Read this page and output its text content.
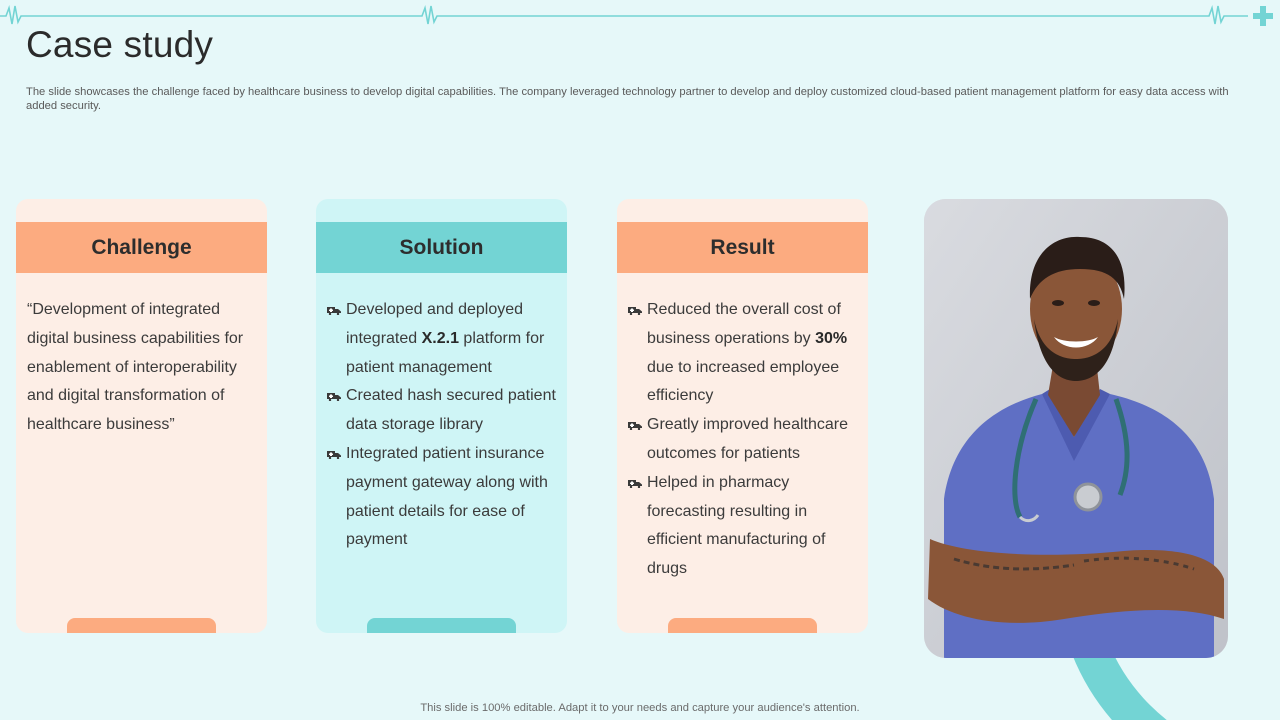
Case study

The slide showcases the challenge faced by healthcare business to develop digital capabilities. The company leveraged technology partner to develop and deploy customized cloud-based patient management platform for easy data access with added security.

Challenge

“Development of integrated digital business capabilities for enablement of interoperability and digital transformation of healthcare business”

Solution
Developed and deployed integrated X.2.1 platform for patient management
Created hash secured patient data storage library
Integrated patient insurance payment gateway along with patient details for ease of payment
Result
Reduced the overall cost of business operations by 30% due to increased employee efficiency
Greatly improved healthcare outcomes for patients
Helped in pharmacy forecasting resulting in efficient manufacturing of drugs

This slide is 100% editable. Adapt it to your needs and capture your audience's attention.
